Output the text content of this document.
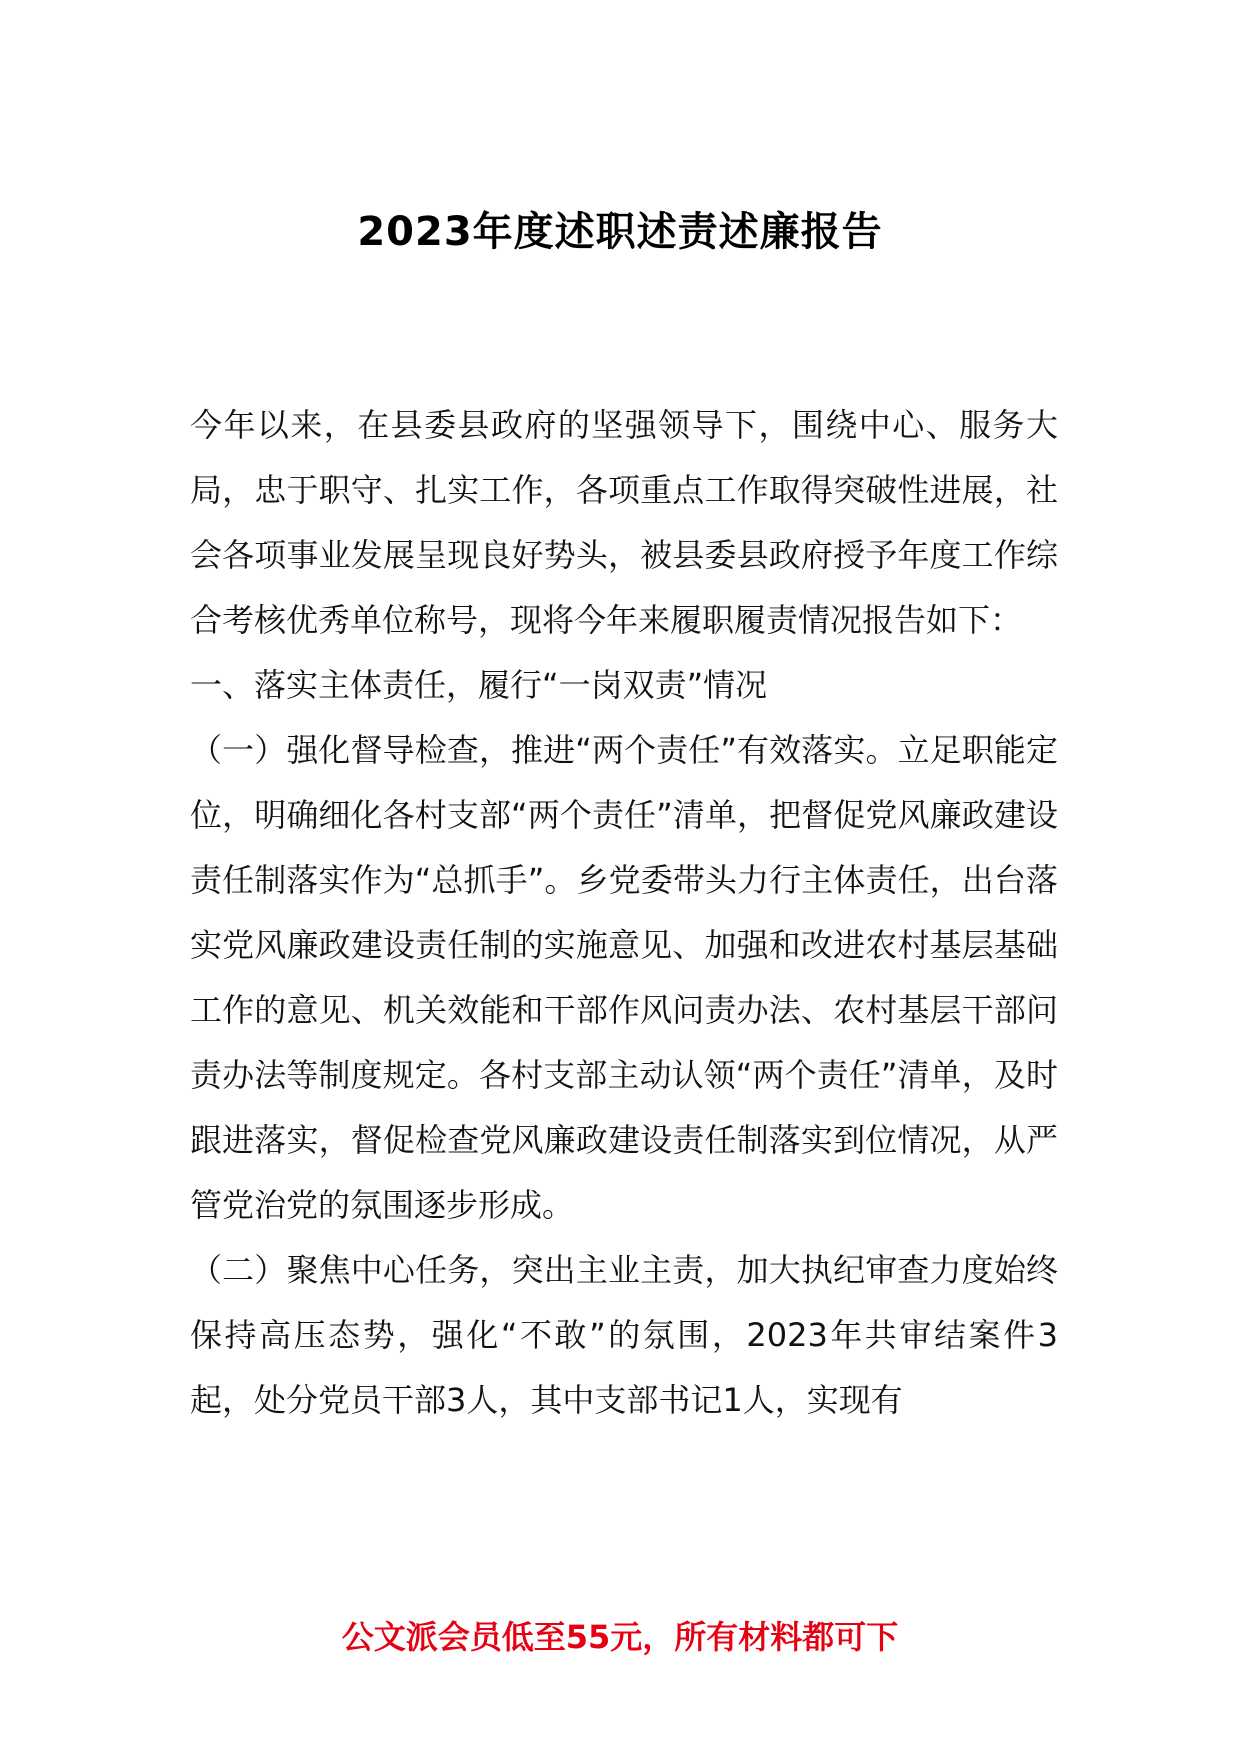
2023年度述职述责述廉报告

今年以来，在县委县政府的坚强领导下，围绕中心、服务大局，忠于职守、扎实工作，各项重点工作取得突破性进展，社会各项事业发展呈现良好势头，被县委县政府授予年度工作综合考核优秀单位称号，现将今年来履职履责情况报告如下：

一、落实主体责任，履行“一岗双责”情况

（一）强化督导检查，推进“两个责任”有效落实。立足职能定位，明确细化各村支部“两个责任”清单，把督促党风廉政建设责任制落实作为“总抓手”。乡党委带头力行主体责任，出台落实党风廉政建设责任制的实施意见、加强和改进农村基层基础工作的意见、机关效能和干部作风问责办法、农村基层干部问责办法等制度规定。各村支部主动认领“两个责任”清单，及时跟进落实，督促检查党风廉政建设责任制落实到位情况，从严管党治党的氛围逐步形成。

（二）聚焦中心任务，突出主业主责，加大执纪审查力度始终保持高压态势，强化“不敢”的氛围，2023年共审结案件3起，处分党员干部3人，其中支部书记1人，实现有

公文派会员低至55元，所有材料都可下
